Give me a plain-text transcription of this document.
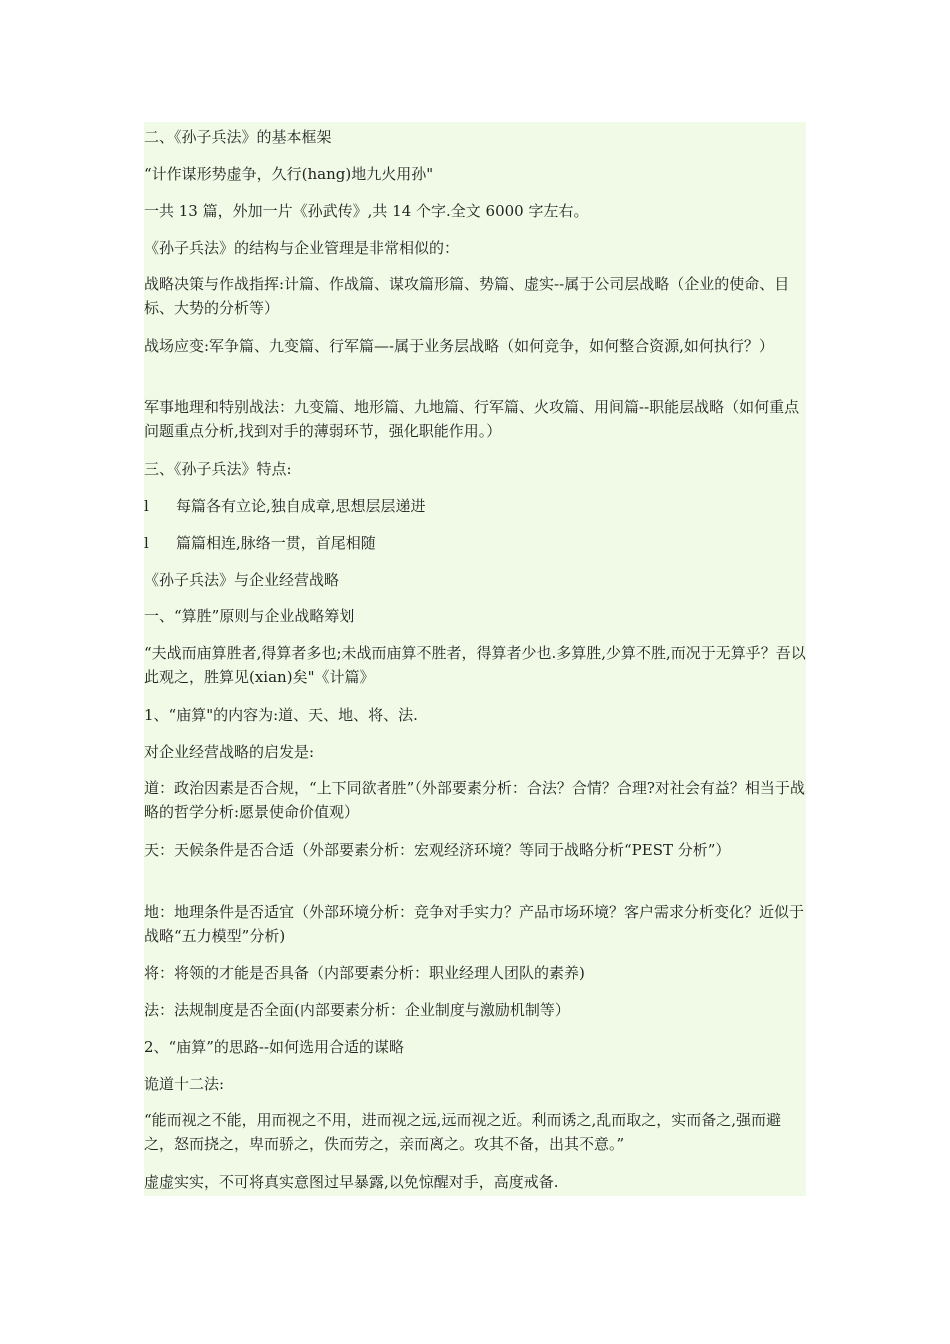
二、《孙子兵法》的基本框架

“计作谋形势虚争，久行(hang)地九火用孙"

一共 13 篇，外加一片《孙武传》,共 14 个字.全文 6000 字左右。

《孙子兵法》的结构与企业管理是非常相似的：

战略决策与作战指挥:计篇、作战篇、谋攻篇形篇、势篇、虚实--属于公司层战略（企业的使命、目标、大势的分析等）

战场应变:军争篇、九变篇、行军篇—-属于业务层战略（如何竞争，如何整合资源,如何执行？）

军事地理和特别战法：九变篇、地形篇、九地篇、行军篇、火攻篇、用间篇--职能层战略（如何重点问题重点分析,找到对手的薄弱环节，强化职能作用。）

三、《孙子兵法》特点:

l 每篇各有立论,独自成章,思想层层递进
l 篇篇相连,脉络一贯，首尾相随

《孙子兵法》与企业经营战略

一、“算胜”原则与企业战略筹划

“夫战而庙算胜者,得算者多也;未战而庙算不胜者，得算者少也.多算胜,少算不胜,而况于无算乎？吾以此观之，胜算见(xian)矣"《计篇》

1、“庙算"的内容为:道、天、地、将、法.

对企业经营战略的启发是:

道：政治因素是否合规，“上下同欲者胜”（外部要素分析：合法？合情？合理?对社会有益？相当于战略的哲学分析:愿景使命价值观）

天：天候条件是否合适（外部要素分析：宏观经济环境？等同于战略分析“PEST 分析”）

地：地理条件是否适宜（外部环境分析：竞争对手实力？产品市场环境？客户需求分析变化？近似于战略“五力模型”分析)

将：将领的才能是否具备（内部要素分析：职业经理人团队的素养)

法：法规制度是否全面(内部要素分析：企业制度与激励机制等）

2、“庙算”的思路--如何选用合适的谋略

诡道十二法:

“能而视之不能，用而视之不用，进而视之远,远而视之近。利而诱之,乱而取之，实而备之,强而避之，怒而挠之，卑而骄之，佚而劳之，亲而离之。攻其不备，出其不意。”

虚虚实实，不可将真实意图过早暴露,以免惊醒对手，高度戒备.
